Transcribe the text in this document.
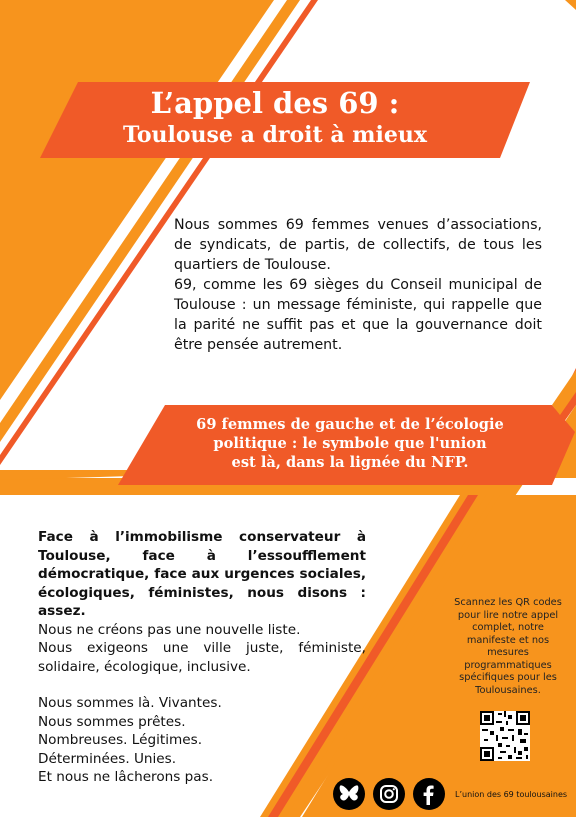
L’appel des 69 :
Toulouse a droit à mieux

Nous sommes 69 femmes venues d’associations, de syndicats, de partis, de collectifs, de tous les quartiers de Toulouse.

69, comme les 69 sièges du Conseil municipal de Toulouse : un message féministe, qui rappelle que la parité ne suffit pas et que la gouvernance doit être pensée autrement.

69 femmes de gauche et de l’écologie
politique : le symbole que l'union
est là, dans la lignée du NFP.

Face à l’immobilisme conservateur à Toulouse, face à l’essoufflement démocratique, face aux urgences sociales, écologiques, féministes, nous disons : assez.

Nous ne créons pas une nouvelle liste.

Nous exigeons une ville juste, féministe, solidaire, écologique, inclusive.

Nous sommes là. Vivantes.
Nous sommes prêtes.
Nombreuses. Légitimes.
Déterminées. Unies.
Et nous ne lâcherons pas.
Scannez les QR codes pour lire notre appel complet, notre manifeste et nos mesures programmatiques spécifiques pour les Toulousaines.
L’union des 69 toulousaines
